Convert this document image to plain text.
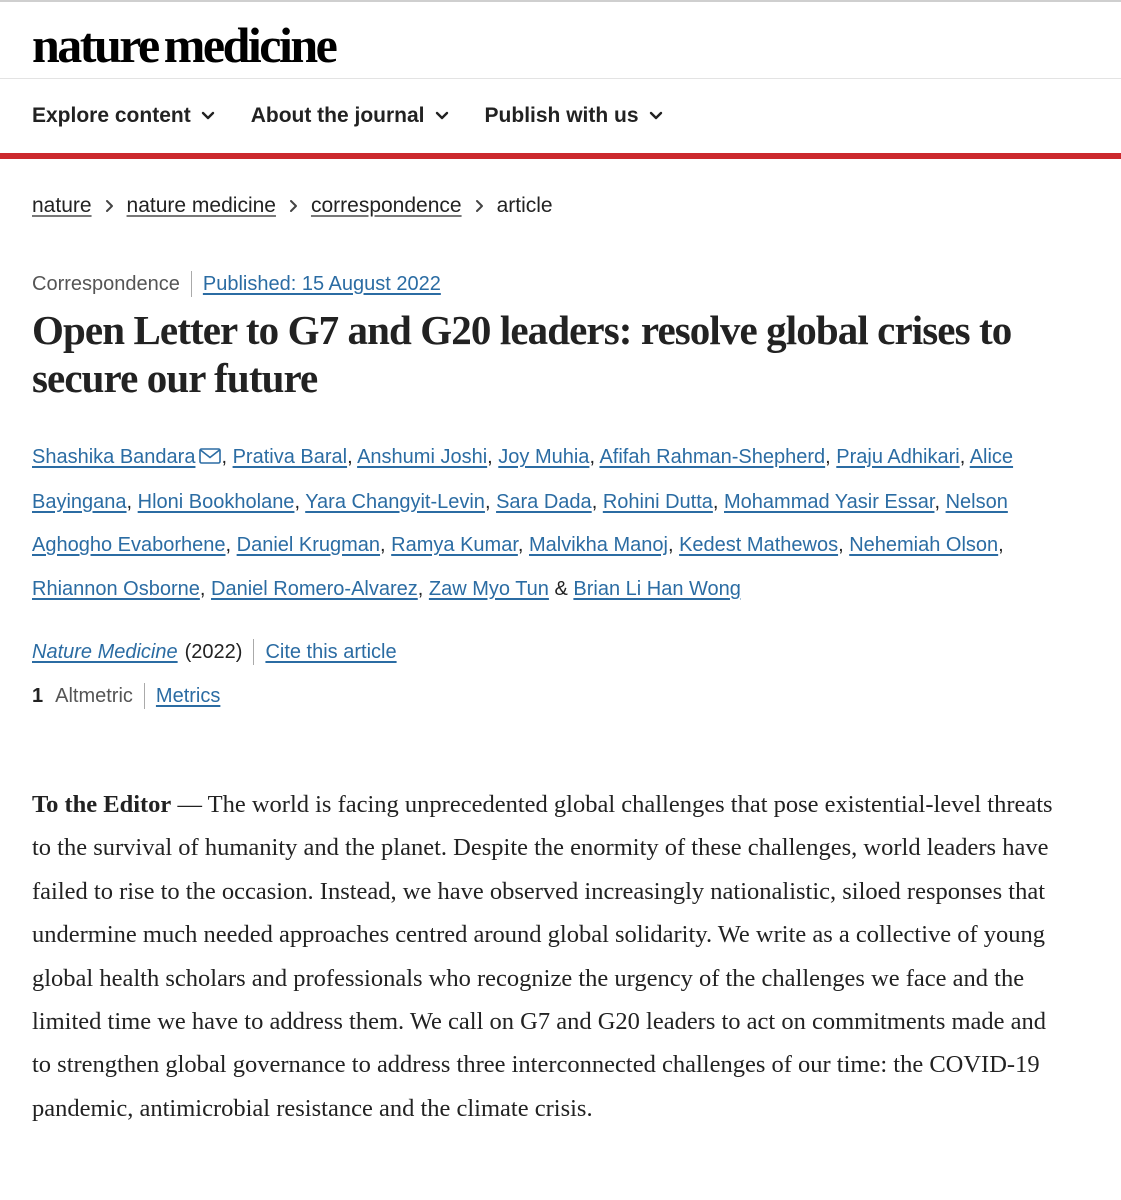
nature medicine
Explore content	About the journal	Publish with us
nature nature medicine correspondence article
Correspondence Published: 15 August 2022
Open Letter to G7 and G20 leaders: resolve global crises to secure our future
Shashika Bandara , Prativa Baral, Anshumi Joshi, Joy Muhia, Afifah Rahman-Shepherd, Praju Adhikari, Alice Bayingana, Hloni Bookholane, Yara Changyit-Levin, Sara Dada, Rohini Dutta, Mohammad Yasir Essar, Nelson Aghogho Evaborhene, Daniel Krugman, Ramya Kumar, Malvikha Manoj, Kedest Mathewos, Nehemiah Olson, Rhiannon Osborne, Daniel Romero-Alvarez, Zaw Myo Tun & Brian Li Han Wong
Nature Medicine (2022) Cite this article
1 Altmetric Metrics

To the Editor — The world is facing unprecedented global challenges that pose existential-level threats to the survival of humanity and the planet. Despite the enormity of these challenges, world leaders have failed to rise to the occasion. Instead, we have observed increasingly nationalistic, siloed responses that undermine much needed approaches centred around global solidarity. We write as a collective of young global health scholars and professionals who recognize the urgency of the challenges we face and the limited time we have to address them. We call on G7 and G20 leaders to act on commitments made and to strengthen global governance to address three interconnected challenges of our time: the COVID-19 pandemic, antimicrobial resistance and the climate crisis.
